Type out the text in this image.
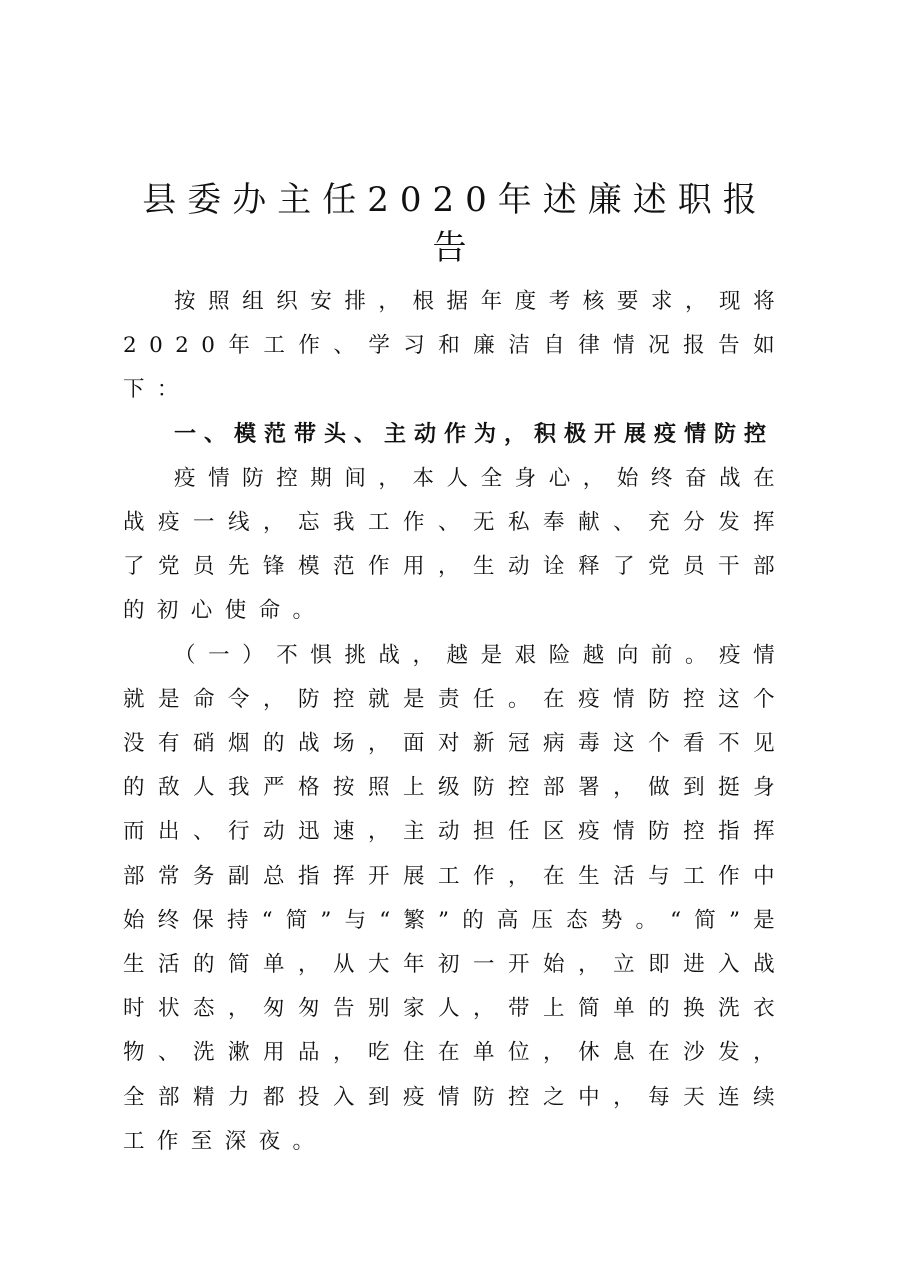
县委办主任2020年述廉述职报告

按照组织安排，根据年度考核要求，现将2020年工作、学习和廉洁自律情况报告如下：

一、模范带头、主动作为，积极开展疫情防控

疫情防控期间，本人全身心，始终奋战在战疫一线，忘我工作、无私奉献、充分发挥了党员先锋模范作用，生动诠释了党员干部的初心使命。

（一）不惧挑战，越是艰险越向前。疫情就是命令，防控就是责任。在疫情防控这个没有硝烟的战场，面对新冠病毒这个看不见的敌人我严格按照上级防控部署，做到挺身而出、行动迅速，主动担任区疫情防控指挥部常务副总指挥开展工作，在生活与工作中始终保持“简”与“繁”的高压态势。“简”是生活的简单，从大年初一开始，立即进入战时状态，匆匆告别家人，带上简单的换洗衣物、洗漱用品，吃住在单位，休息在沙发，全部精力都投入到疫情防控之中，每天连续工作至深夜。
